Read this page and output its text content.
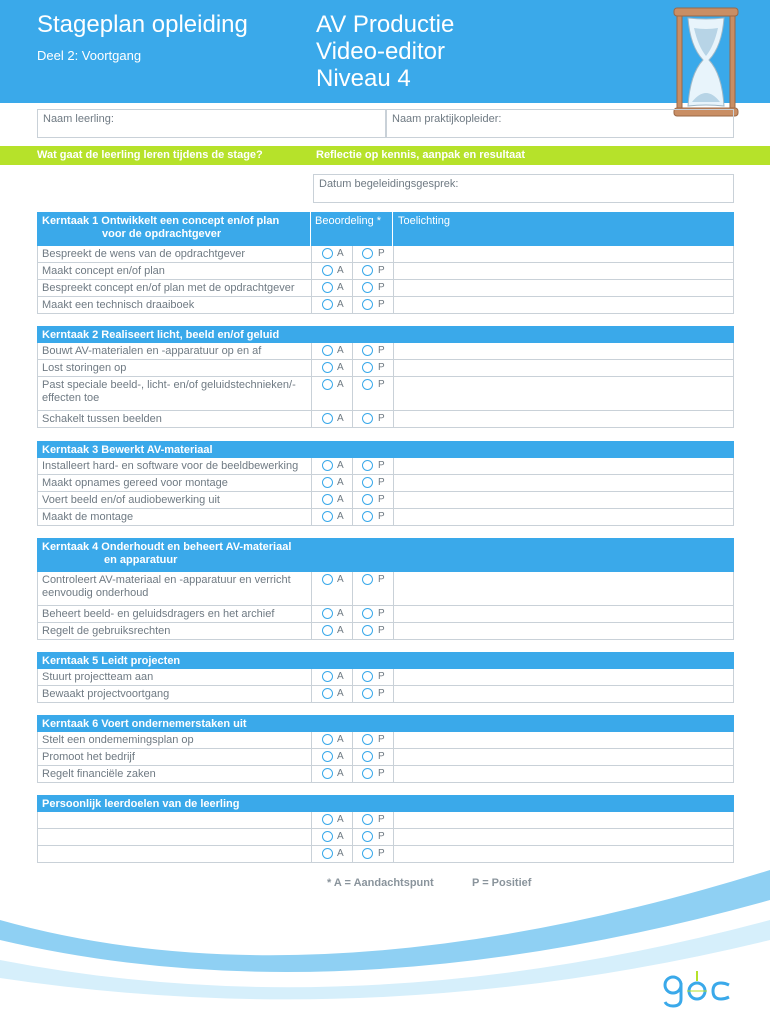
Stageplan opleiding
Deel 2: Voortgang
AV Productie
Video-editor
Niveau 4
Naam leerling:	Naam praktijkopleider:
Wat gaat de leerling leren tijdens de stage?	Reflectie op kennis, aanpak en resultaat
Datum begeleidingsgesprek:
Kerntaak 1 Ontwikkelt een concept en/of plan
voor de opdrachtgever
Beoordeling * Toelichting
Bespreekt de wens van de opdrachtgever	A	P
Maakt concept en/of plan	A	P
Bespreekt concept en/of plan met de opdrachtgever	A	P
Maakt een technisch draaiboek	A	P
Kerntaak 2 Realiseert licht, beeld en/of geluid
Bouwt AV-materialen en -apparatuur op en af	A	P
Lost storingen op	A	P
Past speciale beeld-, licht- en/of geluidstechnieken/-effecten toe
A	P
Schakelt tussen beelden	A	P
Kerntaak 3 Bewerkt AV-materiaal
Installeert hard- en software voor de beeldbewerking	A	P
Maakt opnames gereed voor montage	A	P
Voert beeld en/of audiobewerking uit	A	P
Maakt de montage	A	P
Kerntaak 4 Onderhoudt en beheert AV-materiaal
en apparatuur
Controleert AV-materiaal en -apparatuur en verricht eenvoudig onderhoud
A	P
Beheert beeld- en geluidsdragers en het archief	A	P
Regelt de gebruiksrechten	A	P
Kerntaak 5 Leidt projecten
Stuurt projectteam aan	A	P
Bewaakt projectvoortgang	A	P
Kerntaak 6 Voert ondernemerstaken uit
Stelt een ondememingsplan op	A	P
Promoot het bedrijf	A	P
Regelt financiële zaken	A	P
Persoonlijk leerdoelen van de leerling
A	P
A	P
A	P
* A = Aandachtspunt	P = Positief
